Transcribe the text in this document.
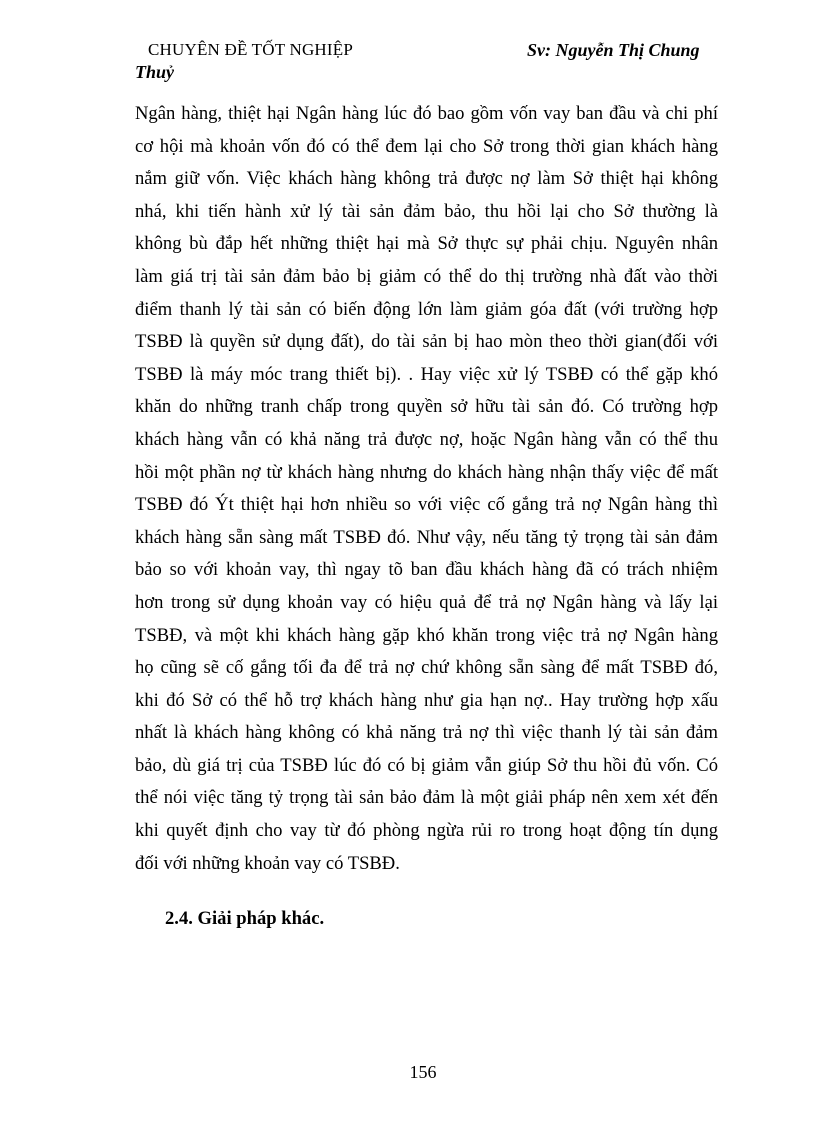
CHUYÊN ĐỀ TỐT NGHIỆP	Sv: Nguyễn Thị Chung
Thuỷ
Ngân hàng, thiệt hại Ngân hàng lúc đó bao gồm vốn vay ban đầu và chi phí
cơ hội mà khoản vốn đó có thể đem lại cho Sở trong thời gian khách hàng
nắm giữ vốn. Việc khách hàng không trả được nợ làm Sở thiệt hại không
nhá, khi tiến hành xử lý tài sản đảm bảo, thu hồi lại cho Sở thường là
không bù đắp hết những thiệt hại mà Sở thực sự phải chịu. Nguyên nhân
làm giá trị tài sản đảm bảo bị giảm có thể do thị trường nhà đất vào thời
điểm thanh lý tài sản có biến động lớn làm giảm góa đất (với trường hợp
TSBĐ là quyền sử dụng đất), do tài sản bị hao mòn theo thời gian(đối với
TSBĐ là máy móc trang thiết bị). . Hay việc xử lý TSBĐ có thể gặp khó
khăn do những tranh chấp trong quyền sở hữu tài sản đó. Có trường hợp
khách hàng vẫn có khả năng trả được nợ, hoặc Ngân hàng vẫn có thể thu
hồi một phần nợ từ khách hàng nhưng do khách hàng nhận thấy việc để mất
TSBĐ đó Ýt thiệt hại hơn nhiều so với việc cố gắng trả nợ Ngân hàng thì
khách hàng sẵn sàng mất TSBĐ đó. Như vậy, nếu tăng tỷ trọng tài sản đảm
bảo so với khoản vay, thì ngay tõ ban đầu khách hàng đã có trách nhiệm
hơn trong sử dụng khoản vay có hiệu quả để trả nợ Ngân hàng và lấy lại
TSBĐ, và một khi khách hàng gặp khó khăn trong việc trả nợ Ngân hàng
họ cũng sẽ cố gắng tối đa để trả nợ chứ không sẵn sàng để mất TSBĐ đó,
khi đó Sở có thể hỗ trợ khách hàng như gia hạn nợ.. Hay trường hợp xấu
nhất là khách hàng không có khả năng trả nợ thì việc thanh lý tài sản đảm
bảo, dù giá trị của TSBĐ lúc đó có bị giảm vẫn giúp Sở thu hồi đủ vốn. Có
thể nói việc tăng tỷ trọng tài sản bảo đảm là một giải pháp nên xem xét đến
khi quyết định cho vay từ đó phòng ngừa rủi ro trong hoạt động tín dụng
đối với những khoản vay có TSBĐ.
2.4. Giải pháp khác.
156
